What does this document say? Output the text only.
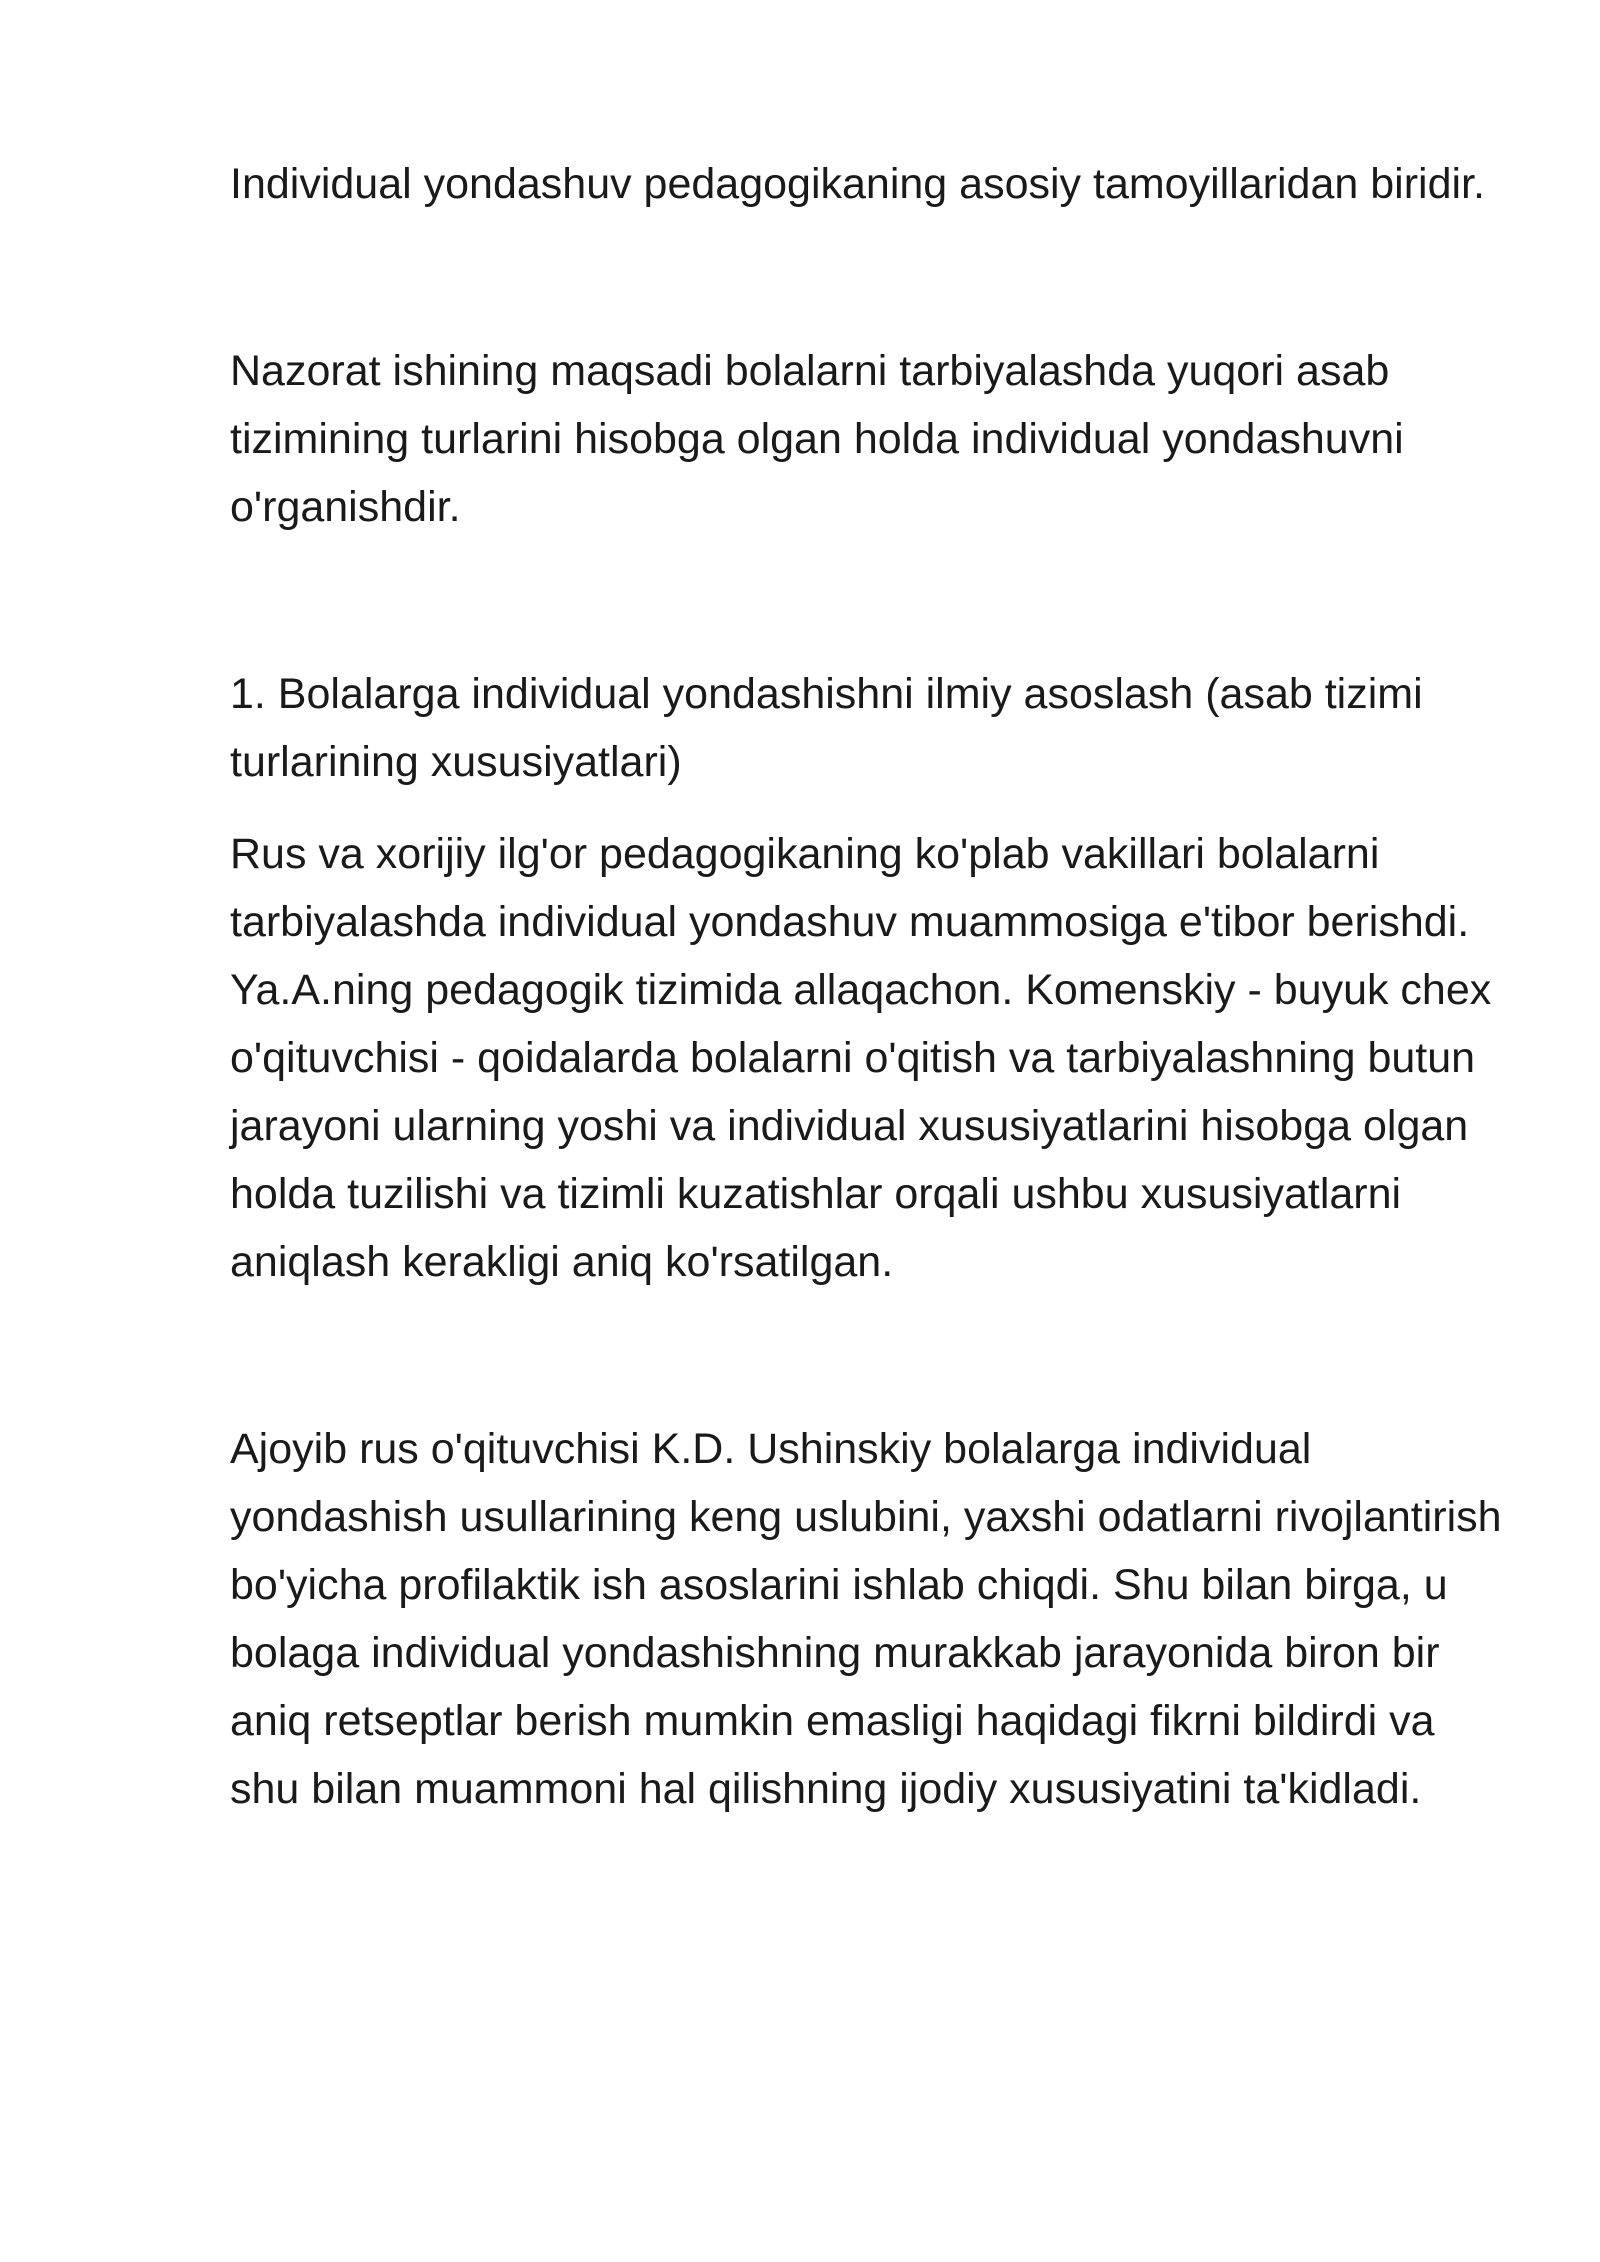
Individual yondashuv pedagogikaning asosiy tamoyillaridan biridir.

Nazorat ishining maqsadi bolalarni tarbiyalashda yuqori asab tizimining turlarini hisobga olgan holda individual yondashuvni o'rganishdir.

1. Bolalarga individual yondashishni ilmiy asoslash (asab tizimi turlarining xususiyatlari)

Rus va xorijiy ilg'or pedagogikaning ko'plab vakillari bolalarni tarbiyalashda individual yondashuv muammosiga e'tibor berishdi. Ya.A.ning pedagogik tizimida allaqachon. Komenskiy - buyuk chex o'qituvchisi - qoidalarda bolalarni o'qitish va tarbiyalashning butun jarayoni ularning yoshi va individual xususiyatlarini hisobga olgan holda tuzilishi va tizimli kuzatishlar orqali ushbu xususiyatlarni aniqlash kerakligi aniq ko'rsatilgan.

Ajoyib rus o'qituvchisi K.D. Ushinskiy bolalarga individual yondashish usullarining keng uslubini, yaxshi odatlarni rivojlantirish bo'yicha profilaktik ish asoslarini ishlab chiqdi. Shu bilan birga, u bolaga individual yondashishning murakkab jarayonida biron bir aniq retseptlar berish mumkin emasligi haqidagi fikrni bildirdi va shu bilan muammoni hal qilishning ijodiy xususiyatini ta'kidladi.
